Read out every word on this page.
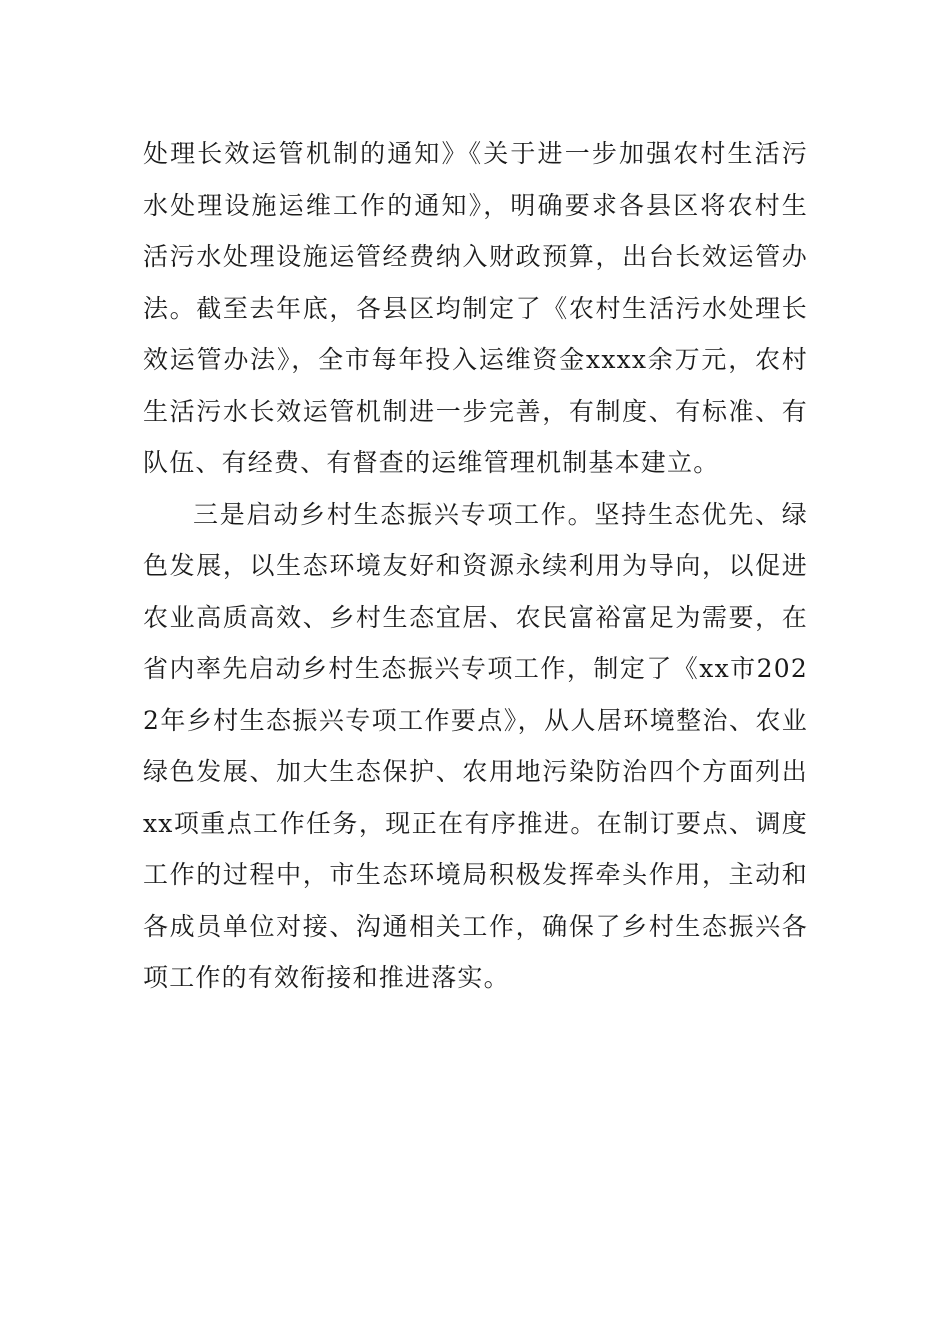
处理长效运管机制的通知》《关于进一步加强农村生活污水处理设施运维工作的通知》，明确要求各县区将农村生活污水处理设施运管经费纳入财政预算，出台长效运管办法。截至去年底，各县区均制定了《农村生活污水处理长效运管办法》，全市每年投入运维资金xxxx余万元，农村生活污水长效运管机制进一步完善，有制度、有标准、有队伍、有经费、有督查的运维管理机制基本建立。

三是启动乡村生态振兴专项工作。坚持生态优先、绿色发展，以生态环境友好和资源永续利用为导向，以促进农业高质高效、乡村生态宜居、农民富裕富足为需要，在省内率先启动乡村生态振兴专项工作，制定了《xx市2022年乡村生态振兴专项工作要点》，从人居环境整治、农业绿色发展、加大生态保护、农用地污染防治四个方面列出xx项重点工作任务，现正在有序推进。在制订要点、调度工作的过程中，市生态环境局积极发挥牵头作用，主动和各成员单位对接、沟通相关工作，确保了乡村生态振兴各项工作的有效衔接和推进落实。
